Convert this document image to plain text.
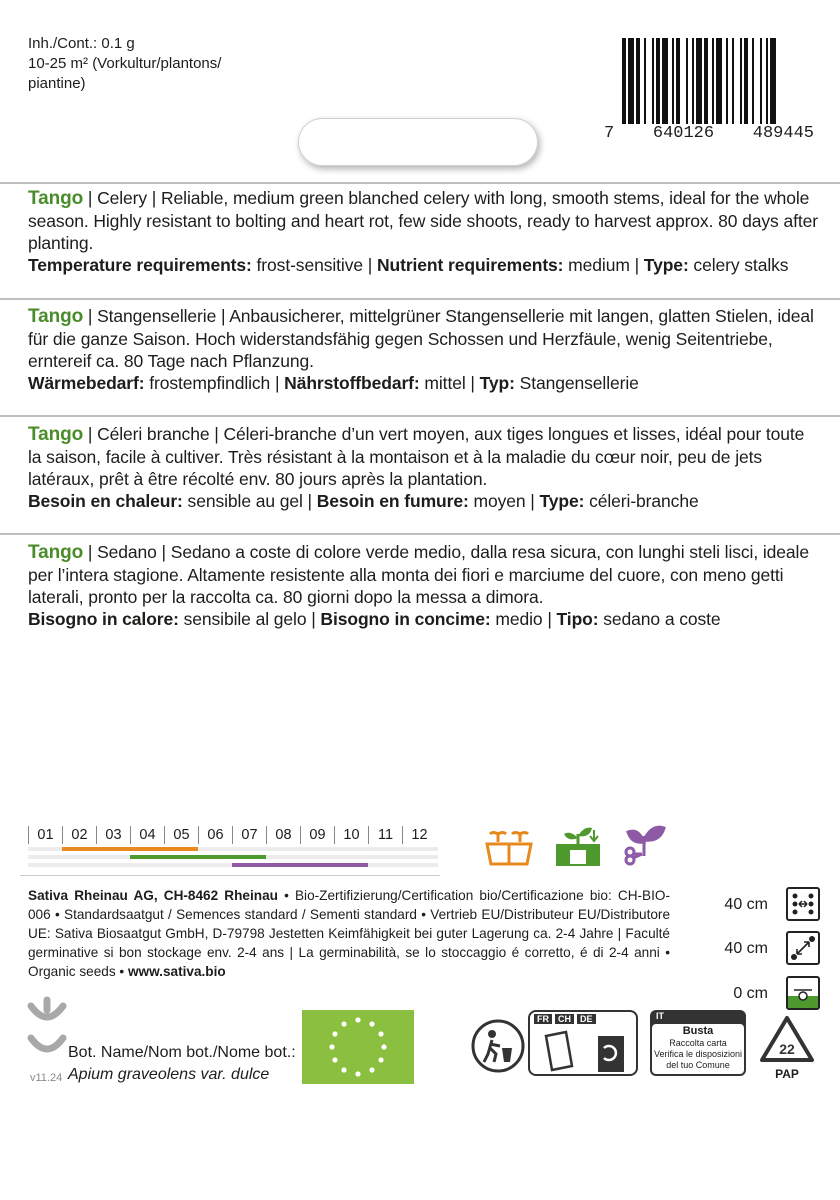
Inh./Cont.: 0.1 g
10-25 m² (Vorkultur/plantons/
piantine)
7 640126 489445
Tango | Celery | Reliable, medium green blanched celery with long, smooth stems, ideal for the whole season. Highly resistant to bolting and heart rot, few side shoots, ready to harvest approx. 80 days after planting.
Temperature requirements: frost-sensitive | Nutrient requirements: medium | Type: celery stalks
Tango | Stangensellerie | Anbausicherer, mittelgrüner Stangensellerie mit langen, glatten Stielen, ideal für die ganze Saison. Hoch widerstandsfähig gegen Schossen und Herzfäule, wenig Seitentriebe, erntereif ca. 80 Tage nach Pflanzung.
Wärmebedarf: frostempfindlich | Nährstoffbedarf: mittel | Typ: Stangensellerie
Tango | Céleri branche | Céleri-branche d’un vert moyen, aux tiges longues et lisses, idéal pour toute la saison, facile à cultiver. Très résistant à la montaison et à la maladie du cœur noir, peu de jets latéraux, prêt à être récolté env. 80 jours après la plantation.
Besoin en chaleur: sensible au gel | Besoin en fumure: moyen | Type: céleri-branche
Tango | Sedano | Sedano a coste di colore verde medio, dalla resa sicura, con lunghi steli lisci, ideale per l’intera stagione. Altamente resistente alla monta dei fiori e marciume del cuore, con meno getti laterali, pronto per la raccolta ca. 80 giorni dopo la messa a dimora.
Bisogno in calore: sensibile al gelo | Bisogno in concime: medio | Tipo: sedano a coste
01	02	03	04	05	06	07	08	09	10	11	12
Sativa Rheinau AG, CH-8462 Rheinau • Bio-Zertifizierung/Certification bio/Certificazione bio: CH-BIO-006 • Standardsaatgut / Semences standard / Sementi standard • Vertrieb EU/Distributeur EU/Distributore UE: Sativa Biosaatgut GmbH, D-79798 Jestetten Keimfähigkeit bei guter Lagerung ca. 2-4 Jahre | Faculté germinative si bon stockage env. 2-4 ans | La germinabilità, se lo stoccaggio é corretto, é di 2-4 anni • Organic seeds • www.sativa.bio
40 cm
40 cm
0 cm
Bot. Name/Nom bot./Nome bot.:
Apium graveolens var. dulce
v11.24
FR	CH	DE	IT
Busta
Raccolta carta
Verifica le disposizioni
del tuo Comune
22
PAP
